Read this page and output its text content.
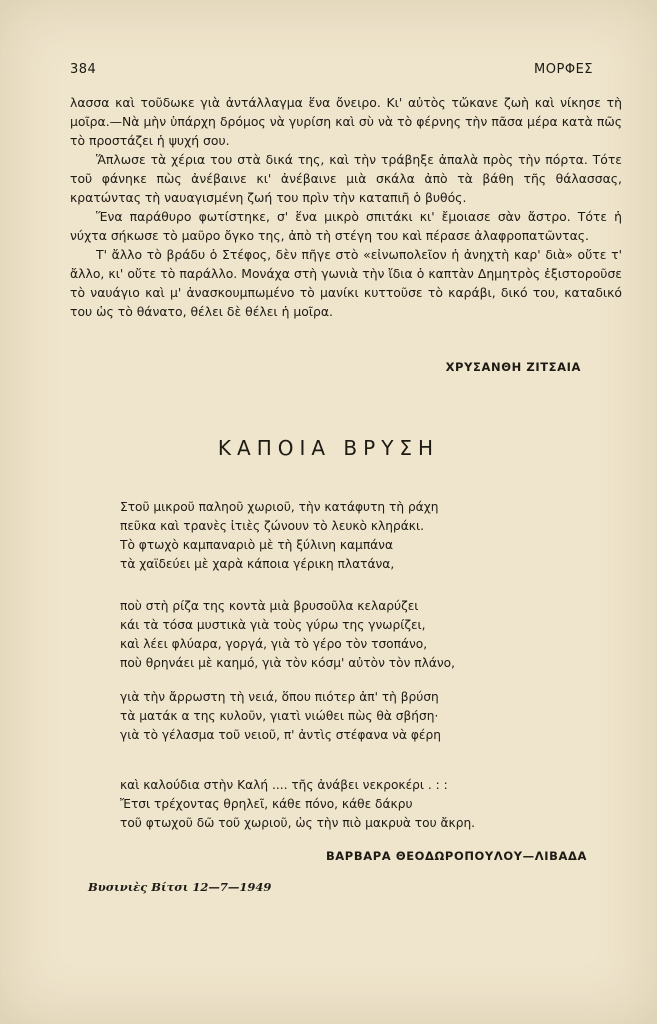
384	ΜΟΡΦΕΣ

λασσα καὶ τοῦδωκε γιὰ ἀντάλλαγμα ἕνα ὄνειρο. Κι' αὐτὸς τὤκανε ζωὴ καὶ νίκησε τὴ μοῖρα.—Νὰ μὴν ὑπάρχη δρόμος νὰ γυρίση καὶ σὺ νὰ τὸ φέρνης τὴν πᾶσα μέρα κατὰ πῶς τὸ προστάζει ἡ ψυχή σου.

Ἅπλωσε τὰ χέρια του στὰ δικά της, καὶ τὴν τράβηξε ἀπαλὰ πρὸς τὴν πόρτα. Τότε τοῦ φάνηκε πὼς ἀνέβαινε κι' ἀνέβαινε μιὰ σκάλα ἀπὸ τὰ βάθη τῆς θάλασσας, κρατώντας τὴ ναυαγισμένη ζωή του πρὶν τὴν καταπιῆ ὁ βυθός.

Ἕνα παράθυρο φωτίστηκε, σ' ἕνα μικρὸ σπιτάκι κι' ἔμοιασε σὰν ἄστρο. Τότε ἡ νύχτα σήκωσε τὸ μαῦρο ὄγκο της, ἀπὸ τὴ στέγη του καὶ πέρασε ἀλαφροπατῶντας.

Τ' ἄλλο τὸ βράδυ ὁ Στέφος, δὲν πῆγε στὸ «εἰνωπολεῖον ἡ ἀνηχτὴ καρ' διὰ» οὔτε τ' ἄλλο, κι' οὔτε τὸ παράλλο. Μονάχα στὴ γωνιὰ τὴν ἴδια ὁ καπτὰν Δημητρὸς ἐξιστοροῦσε τὸ ναυάγιο καὶ μ' ἀνασκουμπωμένο τὸ μανίκι κυττοῦσε τὸ καράβι, δικό του, καταδικό του ὡς τὸ θάνατο, θέλει δὲ θέλει ἡ μοῖρα.

ΧΡΥΣΑΝΘΗ ΖΙΤΣΑΙΑ
ΚΑΠΟΙΑ ΒΡΥΣΗ
Στοῦ μικροῦ παληοῦ χωριοῦ, τὴν κατάφυτη τὴ ράχη
πεῦκα καὶ τρανὲς ἰτιὲς ζώνουν τὸ λευκὸ κληράκι.
Τὸ φτωχὸ καμπαναριὸ μὲ τὴ ξύλινη καμπάνα
τὰ χαϊδεύει μὲ χαρὰ κάποια γέρικη πλατάνα,
ποὺ στὴ ρίζα της κοντὰ μιὰ βρυσοῦλα κελαρύζει
κάι τὰ τόσα μυστικὰ γιὰ τοὺς γύρω της γνωρίζει,
καὶ λέει φλύαρα, γοργά, γιὰ τὸ γέρο τὸν τσοπάνο,
ποὺ θρηνάει μὲ καημό, γιὰ τὸν κόσμ' αὐτὸν τὸν πλάνο,
γιὰ τὴν ἄρρωστη τὴ νειά, ὅπου πιότερ ἀπ' τὴ βρύση
τὰ ματάκ α της κυλοῦν, γιατὶ νιώθει πὼς θὰ σβήση·
γιὰ τὸ γέλασμα τοῦ νειοῦ, π' ἀντὶς στέφανα νὰ φέρη
καὶ καλούδια στὴν Καλή .... τῆς ἀνάβει νεκροκέρι . : :
Ἔτσι τρέχοντας θρηλεῖ, κάθε πόνο, κάθε δάκρυ
τοῦ φτωχοῦ δῶ τοῦ χωριοῦ, ὡς τὴν πιὸ μακρυὰ του ἄκρη.
ΒΑΡΒΑΡΑ ΘΕΟΔΩΡΟΠΟΥΛΟΥ—ΛΙΒΑΔΑ
Βυσινιὲς Βίτσι 12—7—1949
